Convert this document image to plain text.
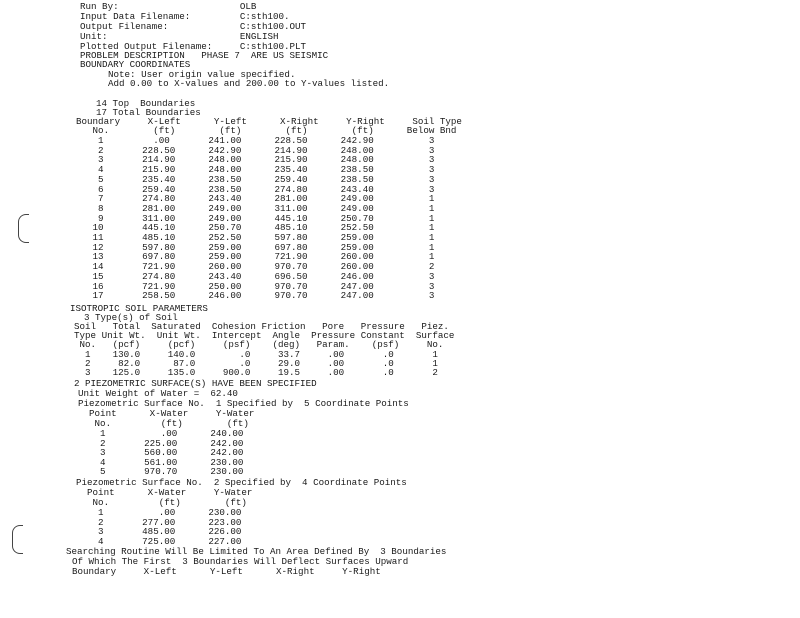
Run By:                      OLB
Input Data Filename:         C:sth100.
Output Filename:             C:sth100.OUT
Unit:                        ENGLISH
Plotted Output Filename:     C:sth100.PLT
PROBLEM DESCRIPTION   PHASE 7  ARE US SEISMIC
BOUNDARY COORDINATES
Note: User origin value specified.
Add 0.00 to X-values and 200.00 to Y-values listed.
14 Top  Boundaries
17 Total Boundaries
Boundary     X-Left      Y-Left      X-Right     Y-Right     Soil Type
No.        (ft)        (ft)        (ft)        (ft)      Below Bnd
1         .00       241.00      228.50      242.90          3
2       228.50      242.90      214.90      248.00          3
3       214.90      248.00      215.90      248.00          3
4       215.90      248.00      235.40      238.50          3
5       235.40      238.50      259.40      238.50          3
6       259.40      238.50      274.80      243.40          3
7       274.80      243.40      281.00      249.00          1
8       281.00      249.00      311.00      249.00          1
9       311.00      249.00      445.10      250.70          1
10       445.10      250.70      485.10      252.50          1
11       485.10      252.50      597.80      259.00          1
12       597.80      259.00      697.80      259.00          1
13       697.80      259.00      721.90      260.00          1
14       721.90      260.00      970.70      260.00          2
15       274.80      243.40      696.50      246.00          3
16       721.90      250.00      970.70      247.00          3
17       258.50      246.00      970.70      247.00          3
ISOTROPIC SOIL PARAMETERS
3 Type(s) of Soil
Soil   Total  Saturated  Cohesion Friction   Pore   Pressure   Piez.
Type Unit Wt.  Unit Wt.  Intercept  Angle  Pressure Constant  Surface
No.   (pcf)     (pcf)     (psf)    (deg)   Param.    (psf)     No.
1    130.0     140.0        .0     33.7     .00       .0       1
2     82.0      87.0        .0     29.0     .00       .0       1
3    125.0     135.0     900.0     19.5     .00       .0       2
2 PIEZOMETRIC SURFACE(S) HAVE BEEN SPECIFIED
Unit Weight of Water =  62.40
Piezometric Surface No.  1 Specified by  5 Coordinate Points
Point      X-Water     Y-Water
No.         (ft)        (ft)
1          .00      240.00
2       225.00      242.00
3       560.00      242.00
4       561.00      230.00
5       970.70      230.00
Piezometric Surface No.  2 Specified by  4 Coordinate Points
Point      X-Water     Y-Water
No.         (ft)        (ft)
1          .00      230.00
2       277.00      223.00
3       485.00      226.00
4       725.00      227.00
Searching Routine Will Be Limited To An Area Defined By  3 Boundaries
Of Which The First  3 Boundaries Will Deflect Surfaces Upward
Boundary     X-Left      Y-Left      X-Right     Y-Right
